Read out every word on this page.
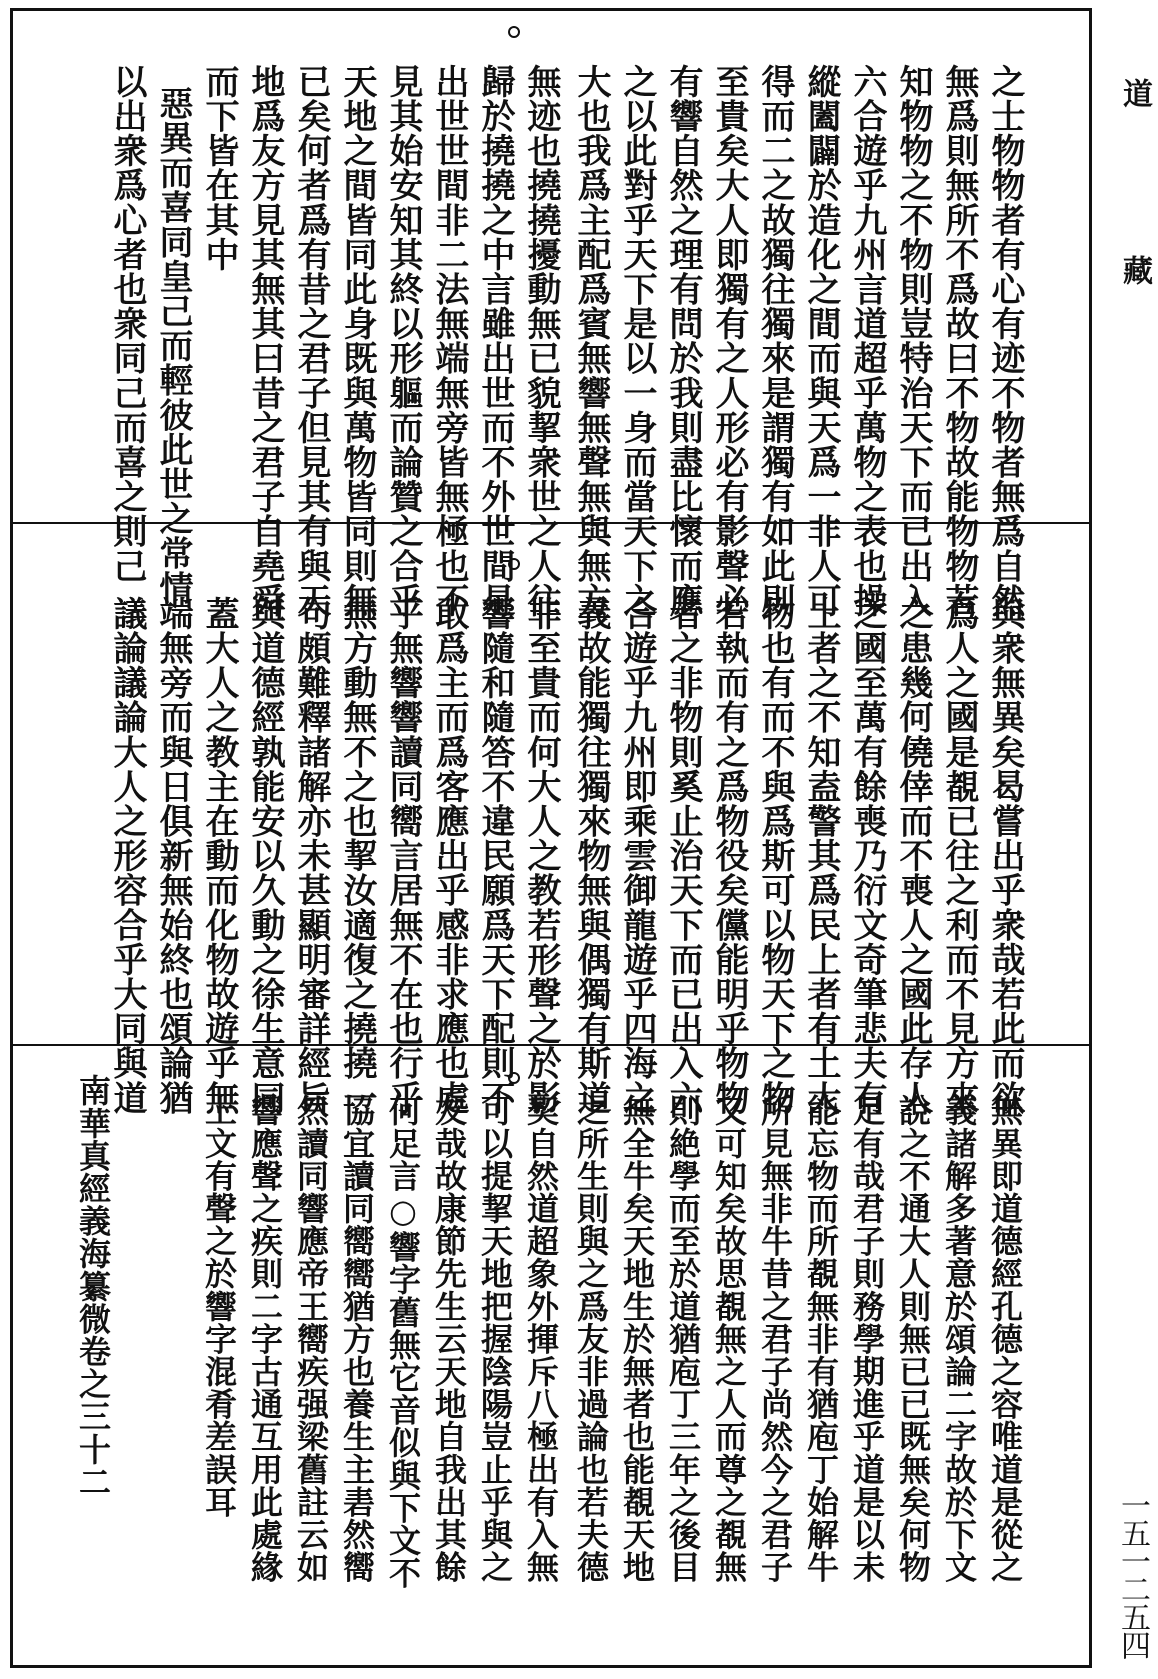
道
藏
一五一二五四
之士物物者有心有迹不物者無爲自然
無爲則無所不爲故曰不物故能物物若
知物物之不物則豈特治天下而已出入
六合遊乎九州言道超乎萬物之表也操
縱闔闢於造化之間而與天爲一非人可
得而二之故獨往獨來是謂獨有如此則
至貴矣大人即獨有之人形必有影聲必
有響自然之理有問於我則盡比懷而應
之以此對乎天下是以一身而當天下之
大也我爲主配爲賓無響無聲無與無方
無迹也撓撓擾動無已貌挈衆世之人往
歸於撓撓之中言雖出世而不外世間是
出世世間非二法無端無旁皆無極也不
見其始安知其終以形軀而論贊之合乎
天地之間皆同此身既與萬物皆同則無
已矣何者爲有昔之君子但見其有與天
地爲友方見其無其曰昔之君子自堯舜
而下皆在其中
惡異而喜同皇己而輕彼此世之常情
以出衆爲心者也衆同己而喜之則己
與衆無異矣曷嘗出乎衆哉若此而欲
爲人之國是覩已往之利而不見方來
之患幾何僥倖而不喪人之國此存人
之國至萬有餘喪乃衍文奇筆悲夫有
土者之不知盍警其爲民上者有土大
物也有而不與爲斯可以物天下之物
若執而有之爲物役矣儻能明乎物物
者之非物則奚止治天下而已出入六
合遊乎九州即乘雲御龍遊乎四海之
義故能獨往獨來物無與偶獨有斯道
非至貴而何大人之教若形聲之於影
響隨和隨答不違民願爲天下配則不
敢爲主而爲客應出乎感非求應也處
乎無響響讀同嚮言居無不在也行乎
無方動無不之也挈汝適復之撓撓一
句頗難釋諸解亦未甚顯明審詳經旨
與道德經孰能安以久動之徐生意同
蓋大人之教主在動而化物故遊乎無
端無旁而與日俱新無始終也頌論猶
議論議論大人之形容合乎大同與道
無異即道德經孔德之容唯道是從之
義諸解多著意於頌論二字故於下文
說之不通大人則無已已既無矣何物
足有哉君子則務學期進乎道是以未
能忘物而所覩無非有猶庖丁始解牛
所見無非牛昔之君子尚然今之君子
又可知矣故思覩無之人而尊之覩無
則絶學而至於道猶庖丁三年之後目
無全牛矣天地生於無者也能覩天地
之所生則與之爲友非過論也若夫德
契自然道超象外揮斥八極出有入無
可以提挈天地把握陰陽豈止乎與之
友哉故康節先生云天地自我出其餘
何足言○響字舊無它音似與下文不
協宜讀同嚮嚮猶方也養生主砉然嚮
然讀同響應帝王嚮疾强梁舊註云如
響應聲之疾則二字古通互用此處緣
上文有聲之於響字混肴差誤耳
南華真經義海纂微卷之三十二
